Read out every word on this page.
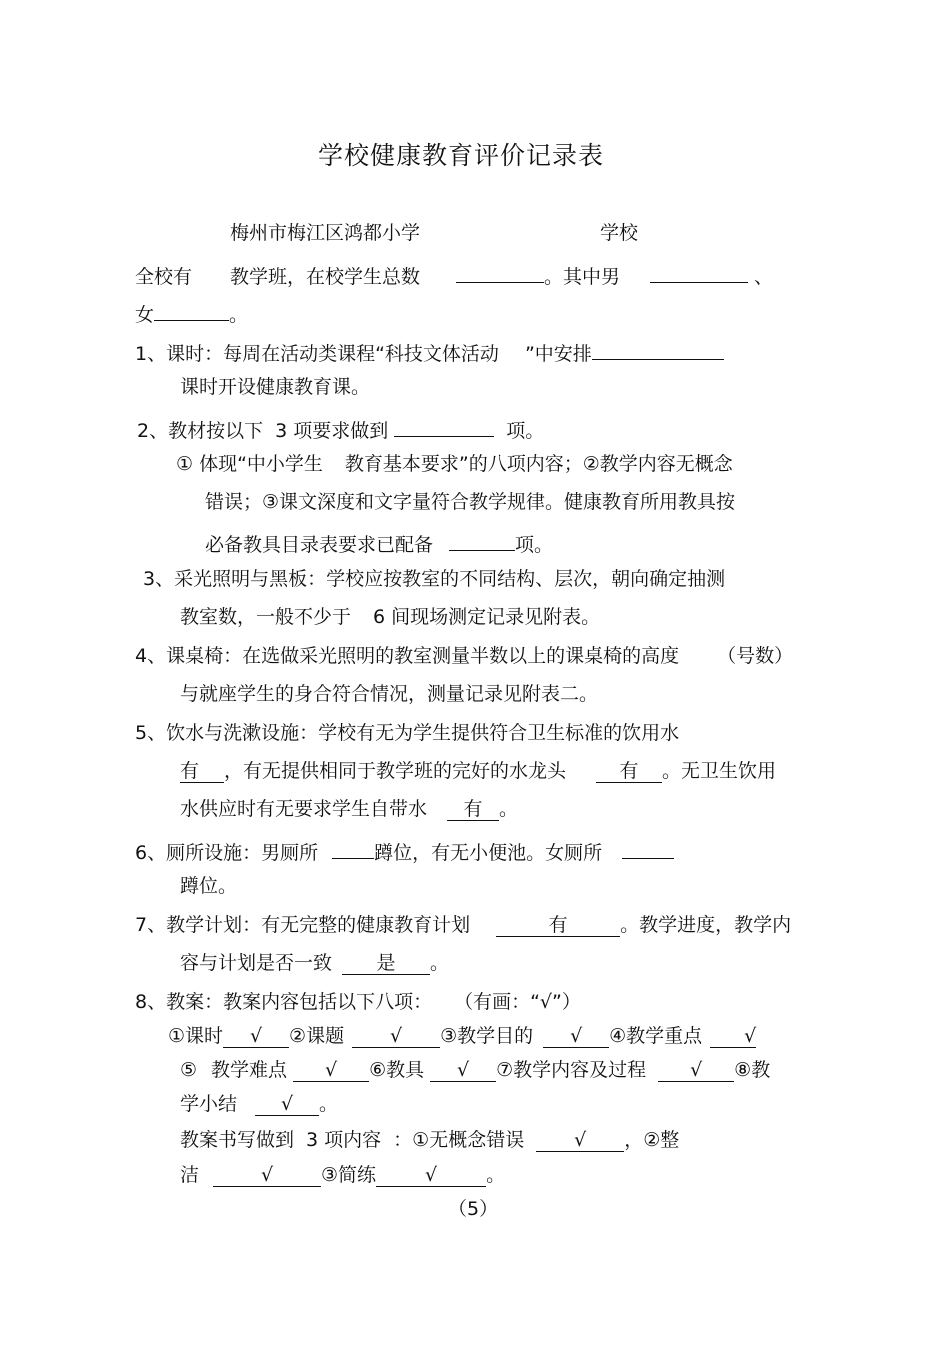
学校健康教育评价记录表
梅州市梅江区鸿都小学	学校
全校有 教学班，在校学生总数	。其中男	、
女	。
1、课时：每周在活动类课程“科技文体活动 ”中安排
课时开设健康教育课。
2、教材按以下 3 项要求做到	项。
① 体现“中小学生 教育基本要求”的八项内容；②教学内容无概念
错误；③课文深度和文字量符合教学规律。健康教育所用教具按
必备教具目录表要求已配备	项。
3、采光照明与黑板：学校应按教室的不同结构、层次，朝向确定抽测
教室数，一般不少于 6 间现场测定记录见附表。
4、课桌椅：在选做采光照明的教室测量半数以上的课桌椅的高度 （号数）
与就座学生的身合符合情况，测量记录见附表二。
5、饮水与洗漱设施：学校有无为学生提供符合卫生标准的饮用水
有 ，有无提供相同于教学班的完好的水龙头	有 。无卫生饮用
水供应时有无要求学生自带水 有 。
6、厕所设施：男厕所	蹲位，有无小便池。女厕所
蹲位。
7、教学计划：有无完整的健康教育计划	有	。教学进度，教学内
容与计划是否一致 是 。
8、教案：教案内容包括以下八项： （有画：“√”）
①课时 √ ②课题 √ ③教学目的 √ ④教学重点 √
⑤ 教学难点 √ ⑥教具 √ ⑦教学内容及过程 √ ⑧教
学小结 √ 。
教案书写做到 3 项内容 ：①无概念错误	√ ，②整
洁	√	③简练	√	。
（5）
